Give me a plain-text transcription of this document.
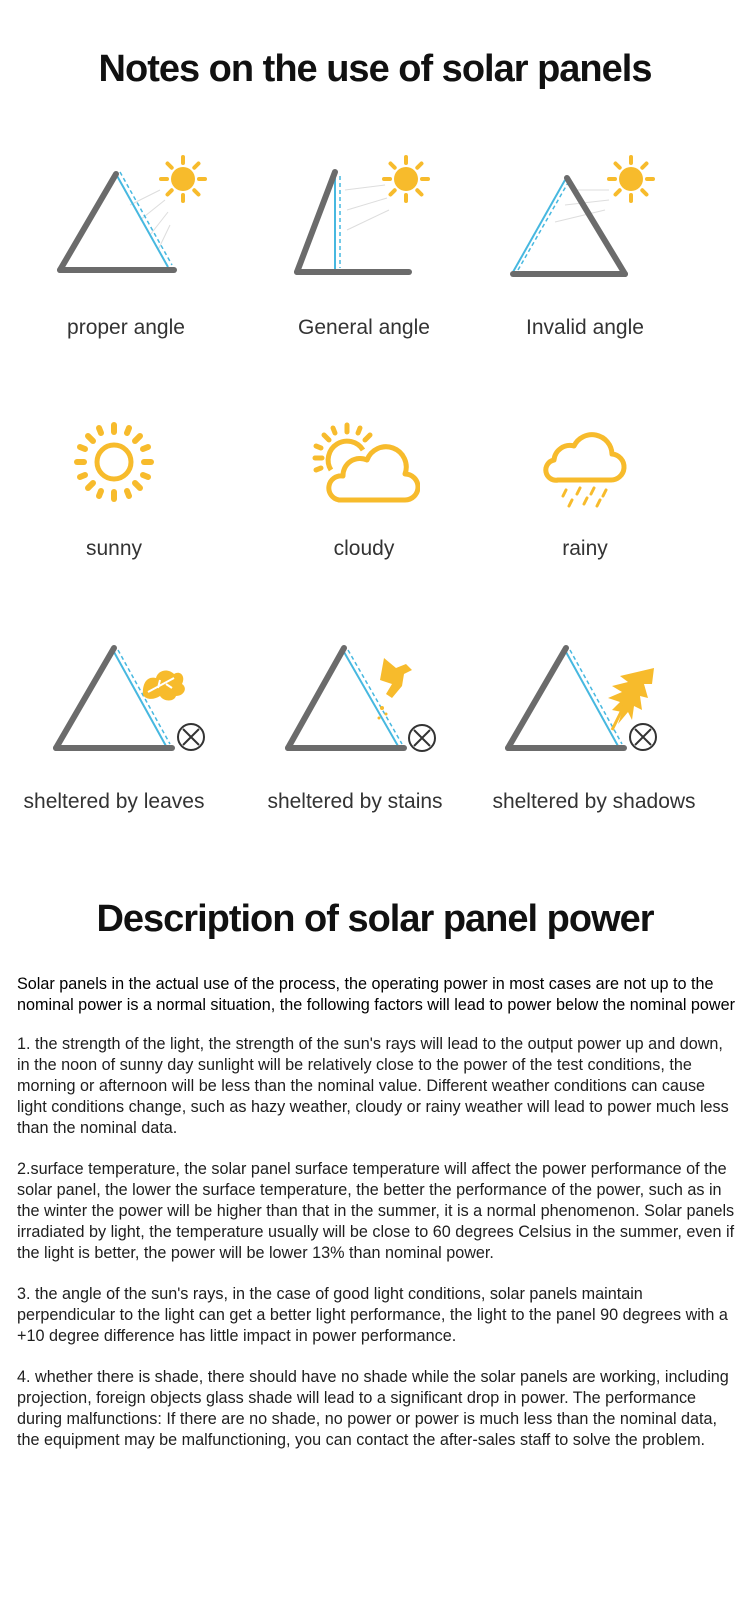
Notes on the use of solar panels
proper angle	General angle	Invalid angle
sunny	cloudy	rainy
sheltered by leaves	sheltered by stains	sheltered by shadows
Description of solar panel power

Solar panels in the actual use of the process, the operating power in most cases are not up to the nominal power is a normal situation, the following factors will lead to power below the nominal power

1. the strength of the light, the strength of the sun's rays will lead to the output power up and down, in the noon of sunny day sunlight will be relatively close to the power of the test conditions, the morning or afternoon will be less than the nominal value. Different weather conditions can cause light conditions change, such as hazy weather, cloudy or rainy weather will lead to power much less than the nominal data.

2.surface temperature, the solar panel surface temperature will affect the power performance of the solar panel, the lower the surface temperature, the better the performance of the power, such as in the winter the power will be higher than that in the summer, it is a normal phenomenon. Solar panels irradiated by light, the temperature usually will be close to 60 degrees Celsius in the summer, even if the light is better, the power will be lower 13% than nominal power.

3. the angle of the sun's rays, in the case of good light conditions, solar panels maintain perpendicular to the light can get a better light performance, the light to the panel 90 degrees with a +10 degree difference has little impact in power performance.

4. whether there is shade, there should have no shade while the solar panels are working, including projection, foreign objects glass shade will lead to a significant drop in power. The performance during malfunctions: If there are no shade, no power or power is much less than the nominal data, the equipment may be malfunctioning, you can contact the after-sales staff to solve the problem.
